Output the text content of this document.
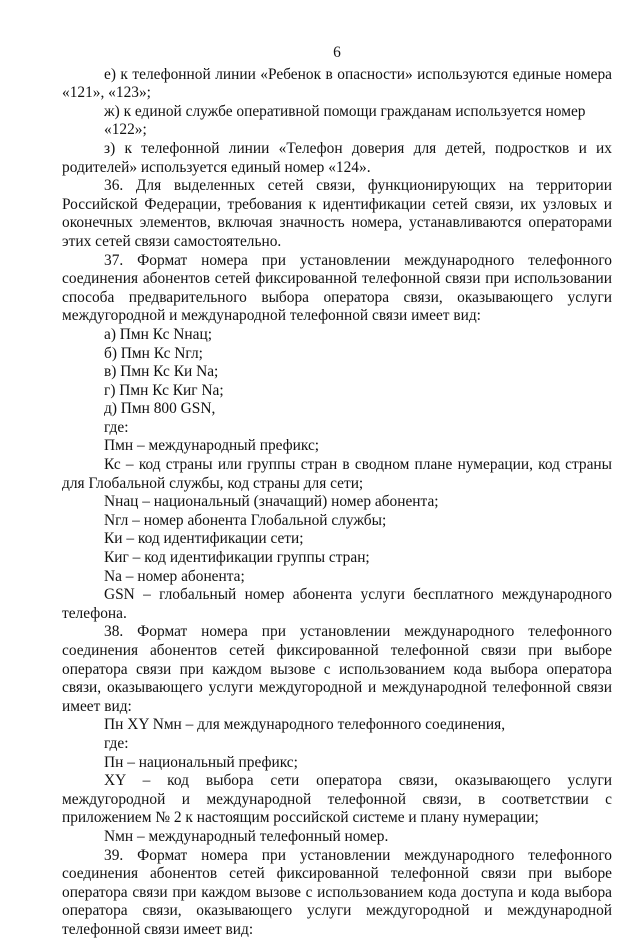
6

е) к телефонной линии «Ребенок в опасности» используются единые номера «121», «123»;

ж) к единой службе оперативной помощи гражданам используется номер «122»;

з) к телефонной линии «Телефон доверия для детей, подростков и их родителей» используется единый номер «124».

36. Для выделенных сетей связи, функционирующих на территории Российской Федерации, требования к идентификации сетей связи, их узловых и оконечных элементов, включая значность номера, устанавливаются операторами этих сетей связи самостоятельно.

37. Формат номера при установлении международного телефонного соединения абонентов сетей фиксированной телефонной связи при использовании способа предварительного выбора оператора связи, оказывающего услуги междугородной и международной телефонной связи имеет вид:

а) Пмн Кс Nнац;

б) Пмн Кс Nгл;

в) Пмн Кс Ки Na;

г) Пмн Кс Киг Na;

д) Пмн 800 GSN,

где:

Пмн – международный префикс;

Кс – код страны или группы стран в сводном плане нумерации, код страны для Глобальной службы, код страны для сети;

Nнац – национальный (значащий) номер абонента;

Nгл – номер абонента Глобальной службы;

Ки – код идентификации сети;

Киг – код идентификации группы стран;

Na – номер абонента;

GSN – глобальный номер абонента услуги бесплатного международного телефона.

38. Формат номера при установлении международного телефонного соединения абонентов сетей фиксированной телефонной связи при выборе оператора связи при каждом вызове с использованием кода выбора оператора связи, оказывающего услуги междугородной и международной телефонной связи имеет вид:

Пн XY Nмн – для международного телефонного соединения,

где:

Пн – национальный префикс;

XY – код выбора сети оператора связи, оказывающего услуги междугородной и международной телефонной связи, в соответствии с приложением № 2 к настоящим российской системе и плану нумерации;

Nмн – международный телефонный номер.

39. Формат номера при установлении международного телефонного соединения абонентов сетей фиксированной телефонной связи при выборе оператора связи при каждом вызове с использованием кода доступа и кода выбора оператора связи, оказывающего услуги междугородной и международной телефонной связи имеет вид:
